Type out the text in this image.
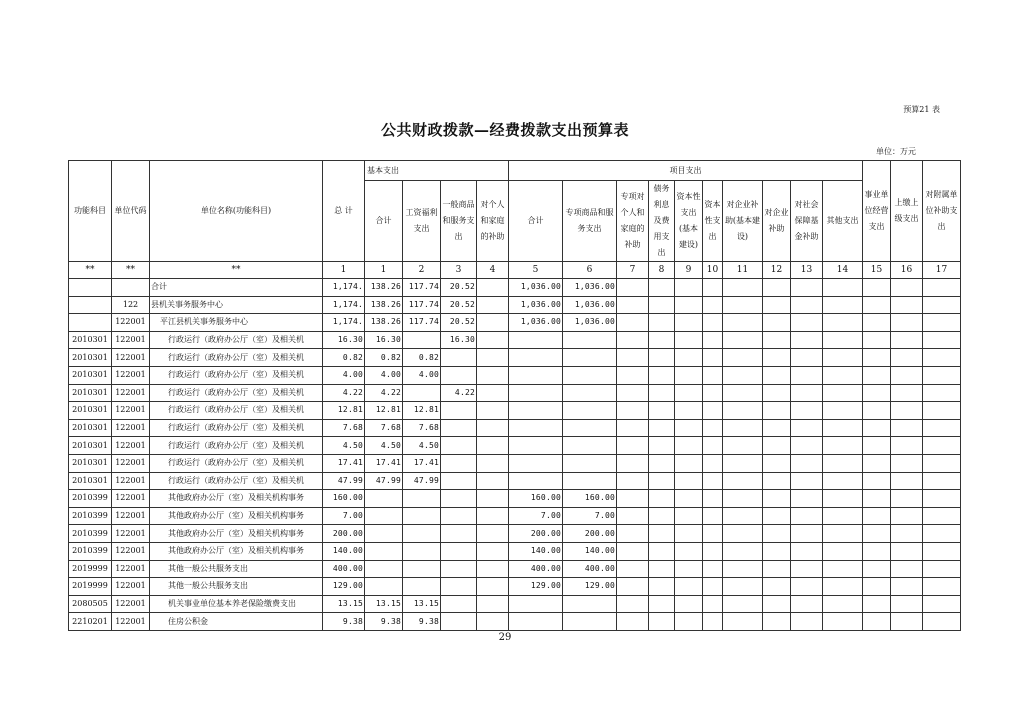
预算21 表
公共财政拨款—经费拨款支出预算表
单位：万元
功能科目	单位代码	单位名称(功能科目)	总 计	基本支出				项目支出										事业单位经营支出	上缴上级支出	对附属单位补助支出
				合计	工资福利支出	一般商品和服务支出	对个人和家庭的补助	合计	专项商品和服务支出	专项对个人和家庭的补助	债务利息及费用支出	资本性支出(基本建设)	资本性支出	对企业补助(基本建设)	对企业补助	对社会保障基金补助	其他支出			
**	**	**	1	1	2	3	4	5	6	7	8	9	10	11	12	13	14	15	16	17
		合计	1,174.	138.26	117.74	20.52		1,036.00	1,036.00											
	122	县机关事务服务中心	1,174.	138.26	117.74	20.52		1,036.00	1,036.00											
	122001	平江县机关事务服务中心	1,174.	138.26	117.74	20.52		1,036.00	1,036.00											
2010301	122001	行政运行（政府办公厅（室）及相关机	16.30	16.30		16.30														
2010301	122001	行政运行（政府办公厅（室）及相关机	0.82	0.82	0.82															
2010301	122001	行政运行（政府办公厅（室）及相关机	4.00	4.00	4.00															
2010301	122001	行政运行（政府办公厅（室）及相关机	4.22	4.22		4.22														
2010301	122001	行政运行（政府办公厅（室）及相关机	12.81	12.81	12.81															
2010301	122001	行政运行（政府办公厅（室）及相关机	7.68	7.68	7.68															
2010301	122001	行政运行（政府办公厅（室）及相关机	4.50	4.50	4.50															
2010301	122001	行政运行（政府办公厅（室）及相关机	17.41	17.41	17.41															
2010301	122001	行政运行（政府办公厅（室）及相关机	47.99	47.99	47.99															
2010399	122001	其他政府办公厅（室）及相关机构事务	160.00					160.00	160.00											
2010399	122001	其他政府办公厅（室）及相关机构事务	7.00					7.00	7.00											
2010399	122001	其他政府办公厅（室）及相关机构事务	200.00					200.00	200.00											
2010399	122001	其他政府办公厅（室）及相关机构事务	140.00					140.00	140.00											
2019999	122001	其他一般公共服务支出	400.00					400.00	400.00											
2019999	122001	其他一般公共服务支出	129.00					129.00	129.00											
2080505	122001	机关事业单位基本养老保险缴费支出	13.15	13.15	13.15															
2210201	122001	住房公积金	9.38	9.38	9.38															
29
